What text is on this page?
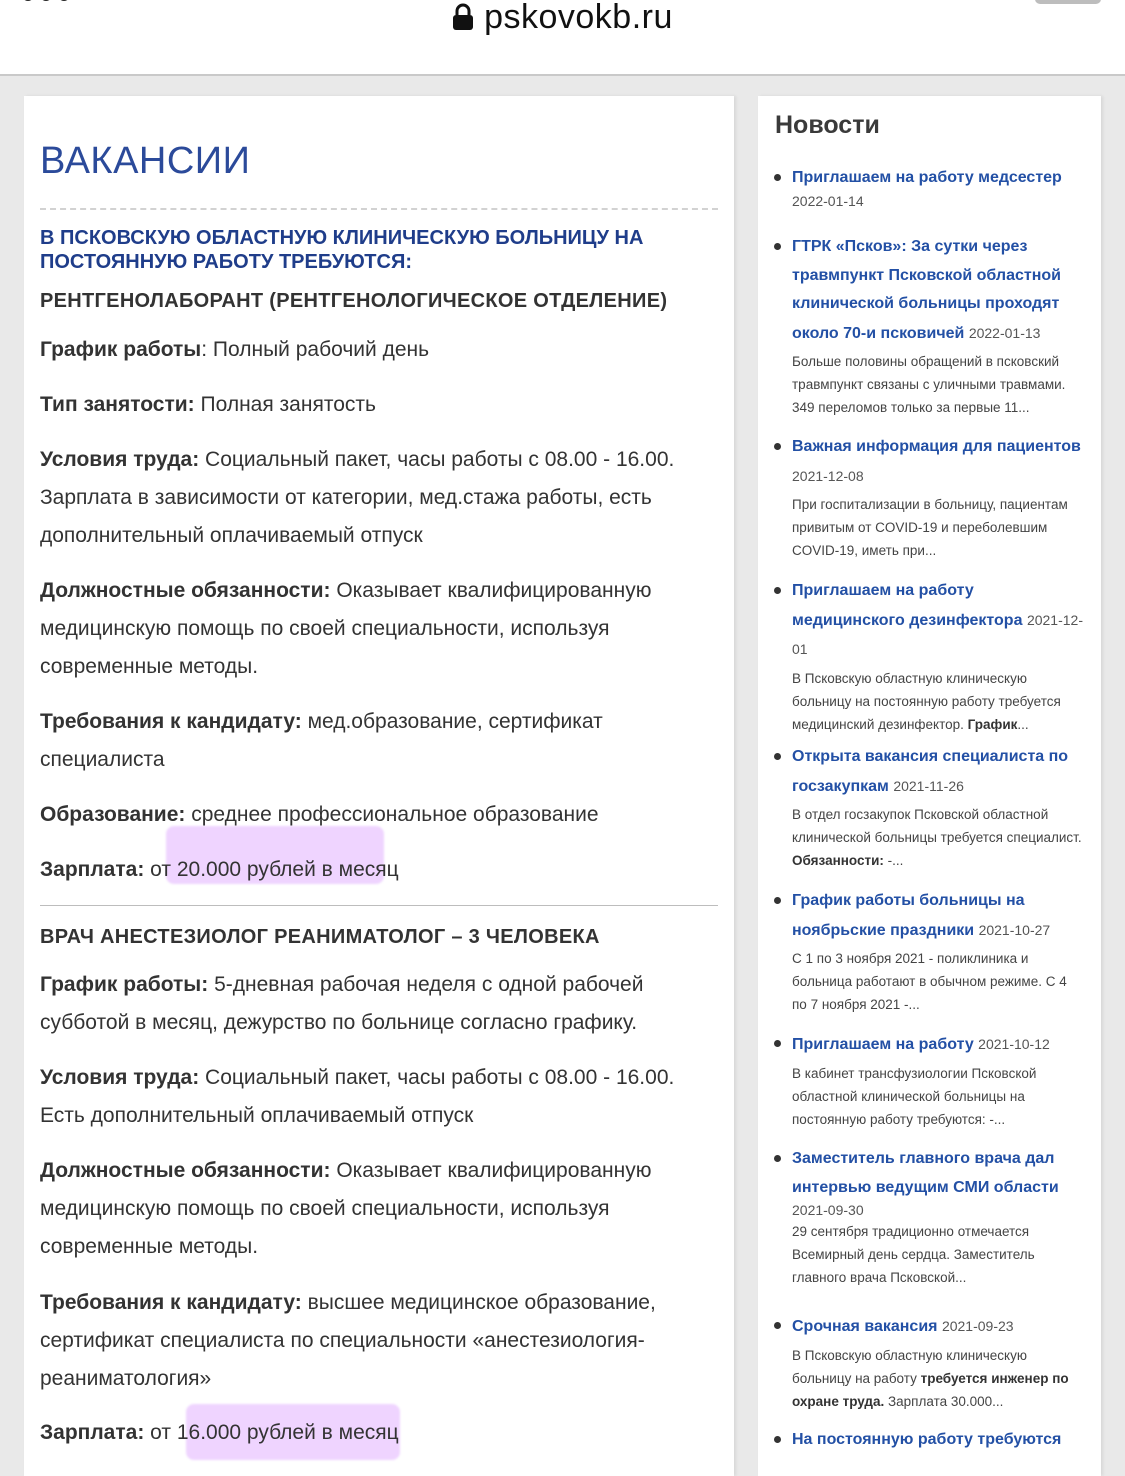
pskovokb.ru
ВАКАНСИИ
В ПСКОВСКУЮ ОБЛАСТНУЮ КЛИНИЧЕСКУЮ БОЛЬНИЦУ НА ПОСТОЯННУЮ РАБОТУ ТРЕБУЮТСЯ:
РЕНТГЕНОЛАБОРАНТ (РЕНТГЕНОЛОГИЧЕСКОЕ ОТДЕЛЕНИЕ)
График работы: Полный рабочий день
Тип занятости: Полная занятость
Условия труда: Социальный пакет, часы работы с 08.00 - 16.00. Зарплата в зависимости от категории, мед.стажа работы, есть дополнительный оплачиваемый отпуск
Должностные обязанности: Оказывает квалифицированную медицинскую помощь по своей специальности, используя современные методы.
Требования к кандидату: мед.образование, сертификат специалиста
Образование: среднее профессиональное образование
Зарплата: от 20.000 рублей в месяц
ВРАЧ АНЕСТЕЗИОЛОГ РЕАНИМАТОЛОГ – 3 ЧЕЛОВЕКА
График работы: 5-дневная рабочая неделя с одной рабочей субботой в месяц, дежурство по больнице согласно графику.
Условия труда: Социальный пакет, часы работы с 08.00 - 16.00. Есть дополнительный оплачиваемый отпуск
Должностные обязанности: Оказывает квалифицированную медицинскую помощь по своей специальности, используя современные методы.
Требования к кандидату: высшее медицинское образование, сертификат специалиста по специальности «анестезиология-реаниматология»
Зарплата: от 16.000 рублей в месяц
Новости
Приглашаем на работу медсестер
2022-01-14
ГТРК «Псков»: За сутки через травмпункт Псковской областной клинической больницы проходят около 70-и псковичей 2022-01-13
Больше половины обращений в псковский травмпункт связаны с уличными травмами. 349 переломов только за первые 11...
Важная информация для пациентов 2021-12-08
При госпитализации в больницу, пациентам привитым от COVID-19 и переболевшим COVID-19, иметь при...
Приглашаем на работу медицинского дезинфектора 2021-12-01
В Псковскую областную клиническую больницу на постоянную работу требуется медицинский дезинфектор. График...
Открыта вакансия специалиста по госзакупкам 2021-11-26
В отдел госзакупок Псковской областной клинической больницы требуется специалист. Обязанности: -...
График работы больницы на ноябрьские праздники 2021-10-27
С 1 по 3 ноября 2021 - поликлиника и больница работают в обычном режиме. С 4 по 7 ноября 2021 -...
Приглашаем на работу 2021-10-12
В кабинет трансфузиологии Псковской областной клинической больницы на постоянную работу требуются: -...
Заместитель главного врача дал интервью ведущим СМИ области
2021-09-30
29 сентября традиционно отмечается Всемирный день сердца. Заместитель главного врача Псковской...
Срочная вакансия 2021-09-23
В Псковскую областную клиническую больницу на работу требуется инженер по охране труда. Зарплата 30.000...
На постоянную работу требуются
